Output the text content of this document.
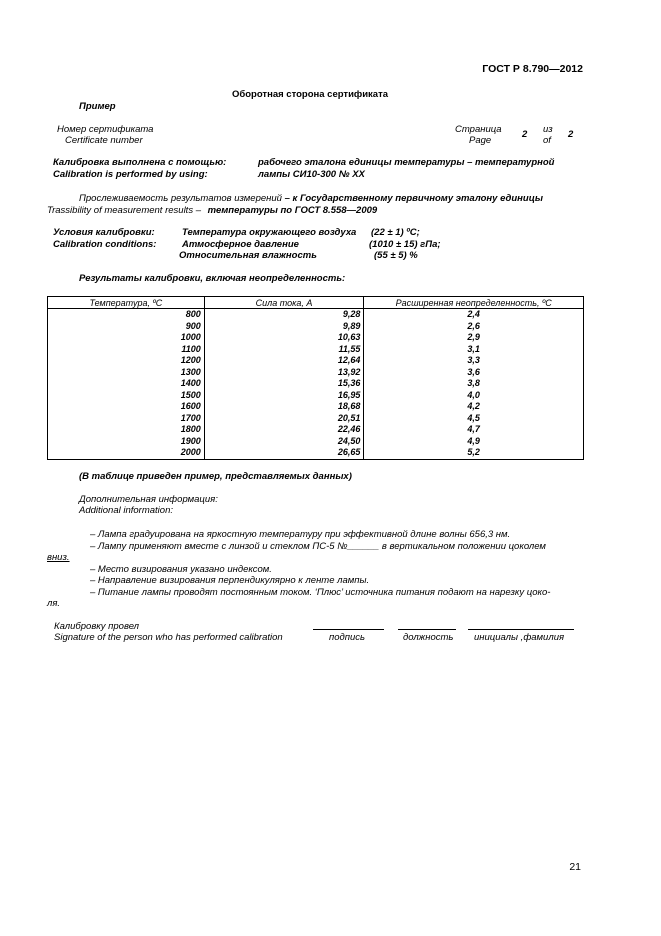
ГОСТ Р 8.790—2012
Оборотная сторона сертификата
Пример
Номер сертификата
Certificate number
Страница
Page
2 из
of
2
Калибровка выполнена с помощью:
Calibration is performed by using:
рабочего эталона единицы температуры – температурной
лампы СИ10-300 № ХХ
Прослеживаемость результатов измерений – к Государственному первичному эталону единицы
Trassibility of measurement results – температуры по ГОСТ 8.558—2009
Условия калибровки:
Calibration conditions:
Температура окружающего воздуха (22 ± 1) ºC;
Атмосферное давление	(1010 ± 15) гПа;
Относительная влажность	(55 ± 5) %
Результаты калибровки, включая неопределенность:
Температура, ºC	Сила тока, А	Расширенная неопределенность, ºC
800	9,28	2,4
900	9,89	2,6
1000	10,63	2,9
1100	11,55	3,1
1200	12,64	3,3
1300	13,92	3,6
1400	15,36	3,8
1500	16,95	4,0
1600	18,68	4,2
1700	20,51	4,5
1800	22,46	4,7
1900	24,50	4,9
2000	26,65	5,2
(В таблице приведен пример, представляемых данных)
Дополнительная информация:
Additional information:
– Лампа градуирована на яркостную температуру при эффективной длине волны 656,3 нм.
– Лампу применяют вместе с линзой и стеклом ПС-5 №______ в вертикальном положении цоколем
вниз.
– Место визирования указано индексом.
– Направление визирования перпендикулярно к ленте лампы.
– Питание лампы проводят постоянным током. ‘Плюс’ источника питания подают на нарезку цоко-
ля.
Калибровку провел
Signature of the person who has performed calibration	подпись	должность инициалы ,фамилия
21
